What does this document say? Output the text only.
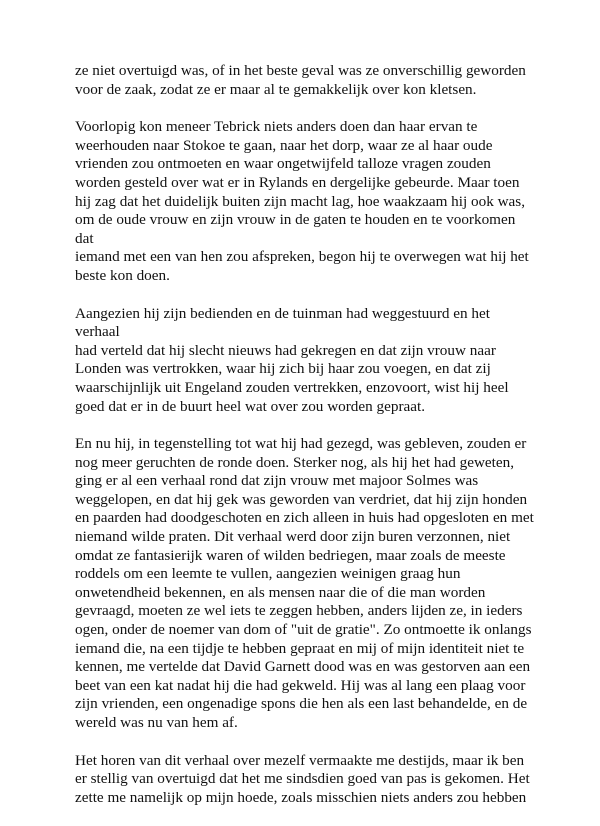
ze niet overtuigd was, of in het beste geval was ze onverschillig geworden
voor de zaak, zodat ze er maar al te gemakkelijk over kon kletsen.

Voorlopig kon meneer Tebrick niets anders doen dan haar ervan te
weerhouden naar Stokoe te gaan, naar het dorp, waar ze al haar oude
vrienden zou ontmoeten en waar ongetwijfeld talloze vragen zouden
worden gesteld over wat er in Rylands en dergelijke gebeurde. Maar toen
hij zag dat het duidelijk buiten zijn macht lag, hoe waakzaam hij ook was,
om de oude vrouw en zijn vrouw in de gaten te houden en te voorkomen dat
iemand met een van hen zou afspreken, begon hij te overwegen wat hij het
beste kon doen.

Aangezien hij zijn bedienden en de tuinman had weggestuurd en het verhaal
had verteld dat hij slecht nieuws had gekregen en dat zijn vrouw naar
Londen was vertrokken, waar hij zich bij haar zou voegen, en dat zij
waarschijnlijk uit Engeland zouden vertrekken, enzovoort, wist hij heel
goed dat er in de buurt heel wat over zou worden gepraat.

En nu hij, in tegenstelling tot wat hij had gezegd, was gebleven, zouden er
nog meer geruchten de ronde doen. Sterker nog, als hij het had geweten,
ging er al een verhaal rond dat zijn vrouw met majoor Solmes was
weggelopen, en dat hij gek was geworden van verdriet, dat hij zijn honden
en paarden had doodgeschoten en zich alleen in huis had opgesloten en met
niemand wilde praten. Dit verhaal werd door zijn buren verzonnen, niet
omdat ze fantasierijk waren of wilden bedriegen, maar zoals de meeste
roddels om een leemte te vullen, aangezien weinigen graag hun
onwetendheid bekennen, en als mensen naar die of die man worden
gevraagd, moeten ze wel iets te zeggen hebben, anders lijden ze, in ieders
ogen, onder de noemer van dom of "uit de gratie". Zo ontmoette ik onlangs
iemand die, na een tijdje te hebben gepraat en mij of mijn identiteit niet te
kennen, me vertelde dat David Garnett dood was en was gestorven aan een
beet van een kat nadat hij die had gekweld. Hij was al lang een plaag voor
zijn vrienden, een ongenadige spons die hen als een last behandelde, en de
wereld was nu van hem af.

Het horen van dit verhaal over mezelf vermaakte me destijds, maar ik ben
er stellig van overtuigd dat het me sindsdien goed van pas is gekomen. Het
zette me namelijk op mijn hoede, zoals misschien niets anders zou hebben
